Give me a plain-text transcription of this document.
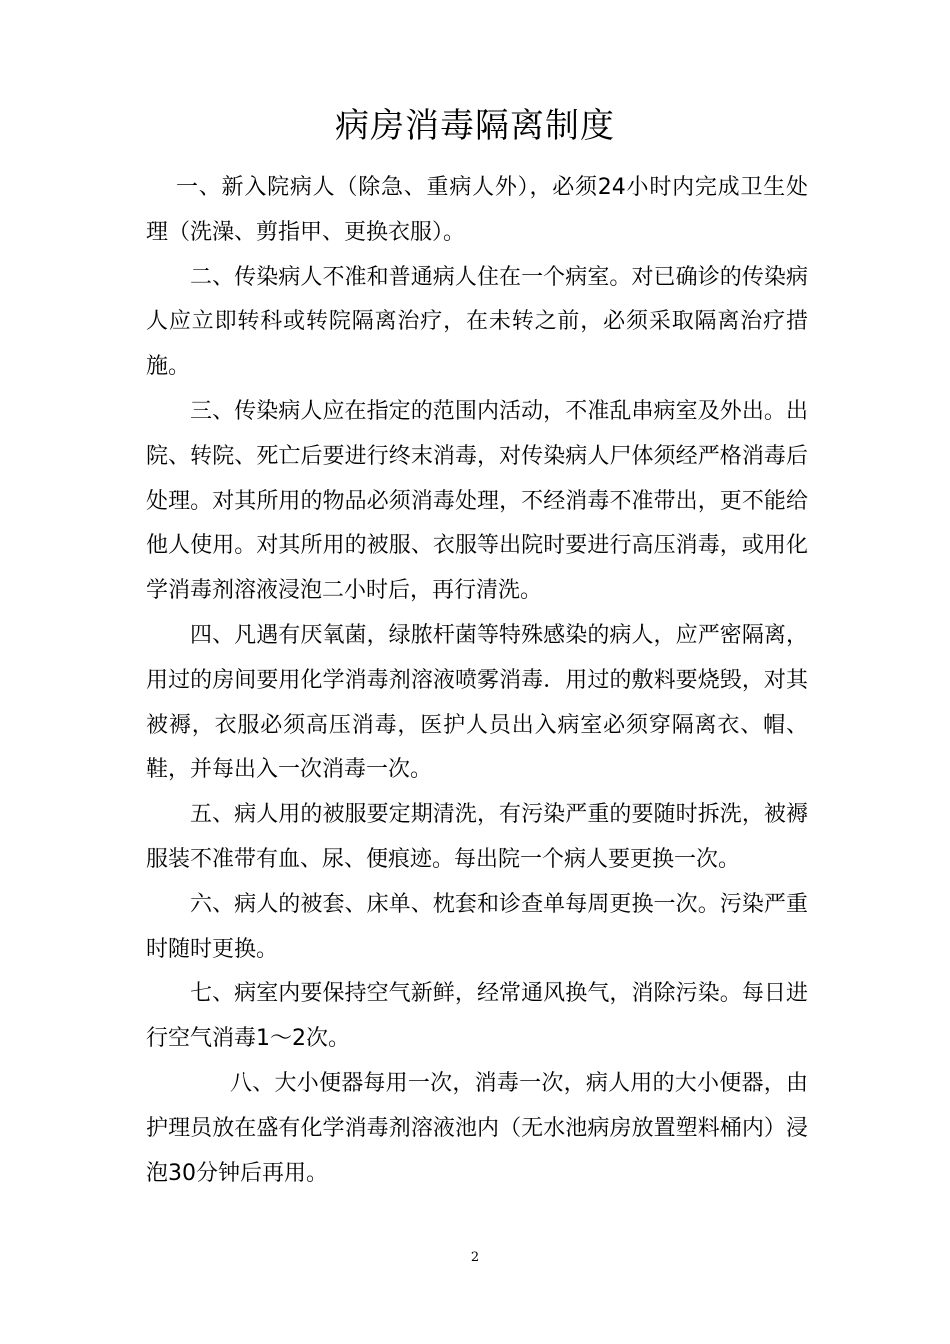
病房消毒隔离制度

一、新入院病人（除急、重病人外），必须24小时内完成卫生处理（洗澡、剪指甲、更换衣服）。

二、传染病人不准和普通病人住在一个病室。对已确诊的传染病人应立即转科或转院隔离治疗，在未转之前，必须采取隔离治疗措施。

三、传染病人应在指定的范围内活动，不准乱串病室及外出。出院、转院、死亡后要进行终末消毒，对传染病人尸体须经严格消毒后处理。对其所用的物品必须消毒处理，不经消毒不准带出，更不能给他人使用。对其所用的被服、衣服等出院时要进行高压消毒，或用化学消毒剂溶液浸泡二小时后，再行清洗。

四、凡遇有厌氧菌，绿脓杆菌等特殊感染的病人，应严密隔离，用过的房间要用化学消毒剂溶液喷雾消毒．用过的敷料要烧毁，对其被褥，衣服必须高压消毒，医护人员出入病室必须穿隔离衣、帽、鞋，并每出入一次消毒一次。

五、病人用的被服要定期清洗，有污染严重的要随时拆洗，被褥服装不准带有血、尿、便痕迹。每出院一个病人要更换一次。

六、病人的被套、床单、枕套和诊查单每周更换一次。污染严重时随时更换。

七、病室内要保持空气新鲜，经常通风换气，消除污染。每日进行空气消毒1～2次。

八、大小便器每用一次，消毒一次，病人用的大小便器，由护理员放在盛有化学消毒剂溶液池内（无水池病房放置塑料桶内）浸泡30分钟后再用。

2
